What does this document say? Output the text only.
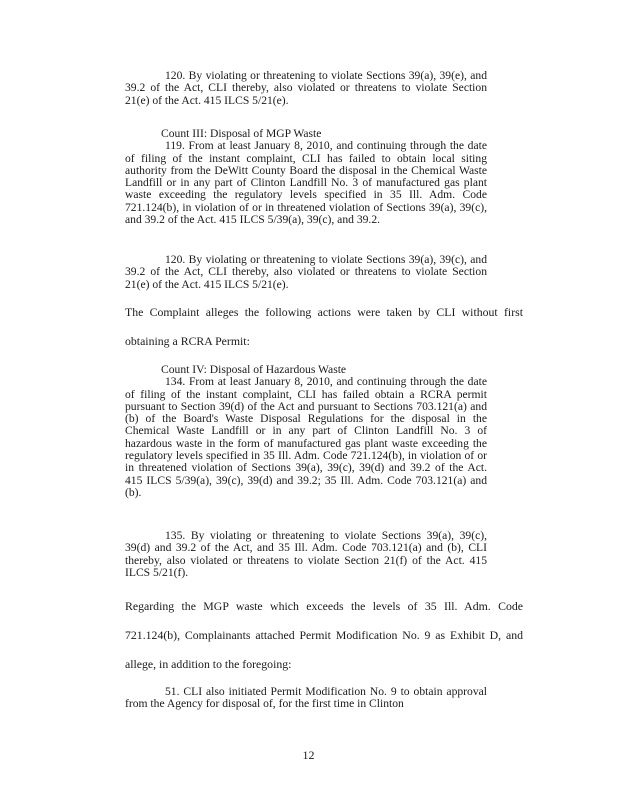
120. By violating or threatening to violate Sections 39(a), 39(e), and 39.2 of the Act, CLI thereby, also violated or threatens to violate Section 21(e) of the Act. 415 ILCS 5/21(e).

Count III: Disposal of MGP Waste

119. From at least January 8, 2010, and continuing through the date of filing of the instant complaint, CLI has failed to obtain local siting authority from the DeWitt County Board the disposal in the Chemical Waste Landfill or in any part of Clinton Landfill No. 3 of manufactured gas plant waste exceeding the regulatory levels specified in 35 Ill. Adm. Code 721.124(b), in violation of or in threatened violation of Sections 39(a), 39(c), and 39.2 of the Act. 415 ILCS 5/39(a), 39(c), and 39.2.

120. By violating or threatening to violate Sections 39(a), 39(c), and 39.2 of the Act, CLI thereby, also violated or threatens to violate Section 21(e) of the Act. 415 ILCS 5/21(e).

The Complaint alleges the following actions were taken by CLI without first obtaining a RCRA Permit:

Count IV: Disposal of Hazardous Waste

134. From at least January 8, 2010, and continuing through the date of filing of the instant complaint, CLI has failed obtain a RCRA permit pursuant to Section 39(d) of the Act and pursuant to Sections 703.121(a) and (b) of the Board's Waste Disposal Regulations for the disposal in the Chemical Waste Landfill or in any part of Clinton Landfill No. 3 of hazardous waste in the form of manufactured gas plant waste exceeding the regulatory levels specified in 35 Ill. Adm. Code 721.124(b), in violation of or in threatened violation of Sections 39(a), 39(c), 39(d) and 39.2 of the Act. 415 ILCS 5/39(a), 39(c), 39(d) and 39.2; 35 Ill. Adm. Code 703.121(a) and (b).

135. By violating or threatening to violate Sections 39(a), 39(c), 39(d) and 39.2 of the Act, and 35 Ill. Adm. Code 703.121(a) and (b), CLI thereby, also violated or threatens to violate Section 21(f) of the Act. 415 ILCS 5/21(f).

Regarding the MGP waste which exceeds the levels of 35 Ill. Adm. Code 721.124(b), Complainants attached Permit Modification No. 9 as Exhibit D, and allege, in addition to the foregoing:

51. CLI also initiated Permit Modification No. 9 to obtain approval from the Agency for disposal of, for the first time in Clinton

12
